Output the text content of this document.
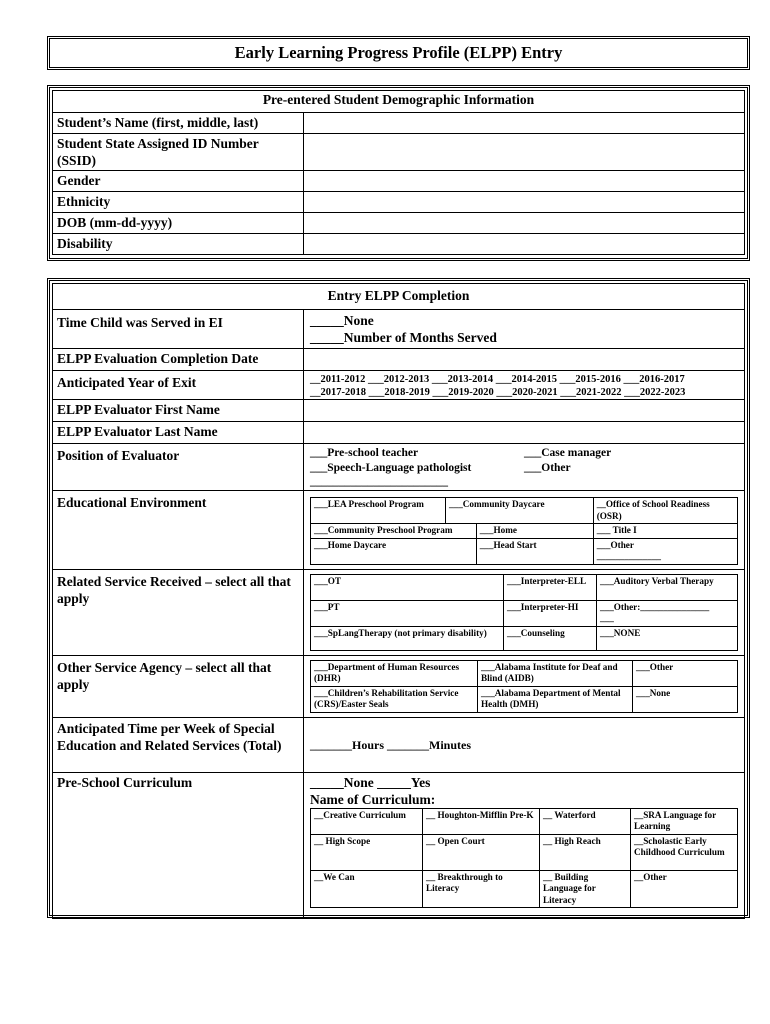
Early Learning Progress Profile (ELPP) Entry
Pre-entered Student Demographic Information	
Student’s Name (first, middle, last)	
Student State Assigned ID Number (SSID)	
Gender	
Ethnicity	
DOB (mm-dd-yyyy)	
Disability	
Entry ELPP Completion
Time Child was Served in EI	_____None
_____Number of Months Served

ELPP Evaluation Completion Date	
Anticipated Year of Exit	__2011-2012 ___2012-2013 ___2013-2014 ___2014-2015 ___2015-2016 ___2016-2017
__2017-2018 ___2018-2019 ___2019-2020 ___2020-2021 ___2021-2022 ___2022-2023

ELPP Evaluator First Name	
ELPP Evaluator Last Name	
Position of Evaluator	___Pre-school teacher	___Case manager
___Speech-Language pathologist	___Other
________________________

Educational Environment		___LEA Preschool Program	___Community Daycare	__Office of School Readiness (OSR)
___Community Preschool Program	___Home	___ Title I
___Home Daycare	___Head Start	___Other
______________

Related Service Received – select all that apply	
___OT	___Interpreter-ELL	___Auditory Verbal Therapy
___PT	___Interpreter-HI	___Other:_______________
___

___SpLangTherapy (not primary disability)	___Counseling	___NONE

Other Service Agency – select all that apply	
___Department of Human Resources (DHR)	___Alabama Institute for Deaf and Blind (AIDB)	___Other
___Children’s Rehabilitation Service (CRS)/Easter Seals	___Alabama Department of Mental Health (DMH)	___None

Anticipated Time per Week of Special Education and Related Services (Total)	_______Hours _______Minutes
Pre-School Curriculum	_____None _____Yes
Name of Curriculum:
__Creative Curriculum	__ Houghton-Mifflin Pre-K	__ Waterford	__SRA Language for Learning
__ High Scope	__ Open Court	__ High Reach	__Scholastic Early Childhood Curriculum
__We Can	__ Breakthrough to Literacy	__ Building Language for Literacy	__Other
